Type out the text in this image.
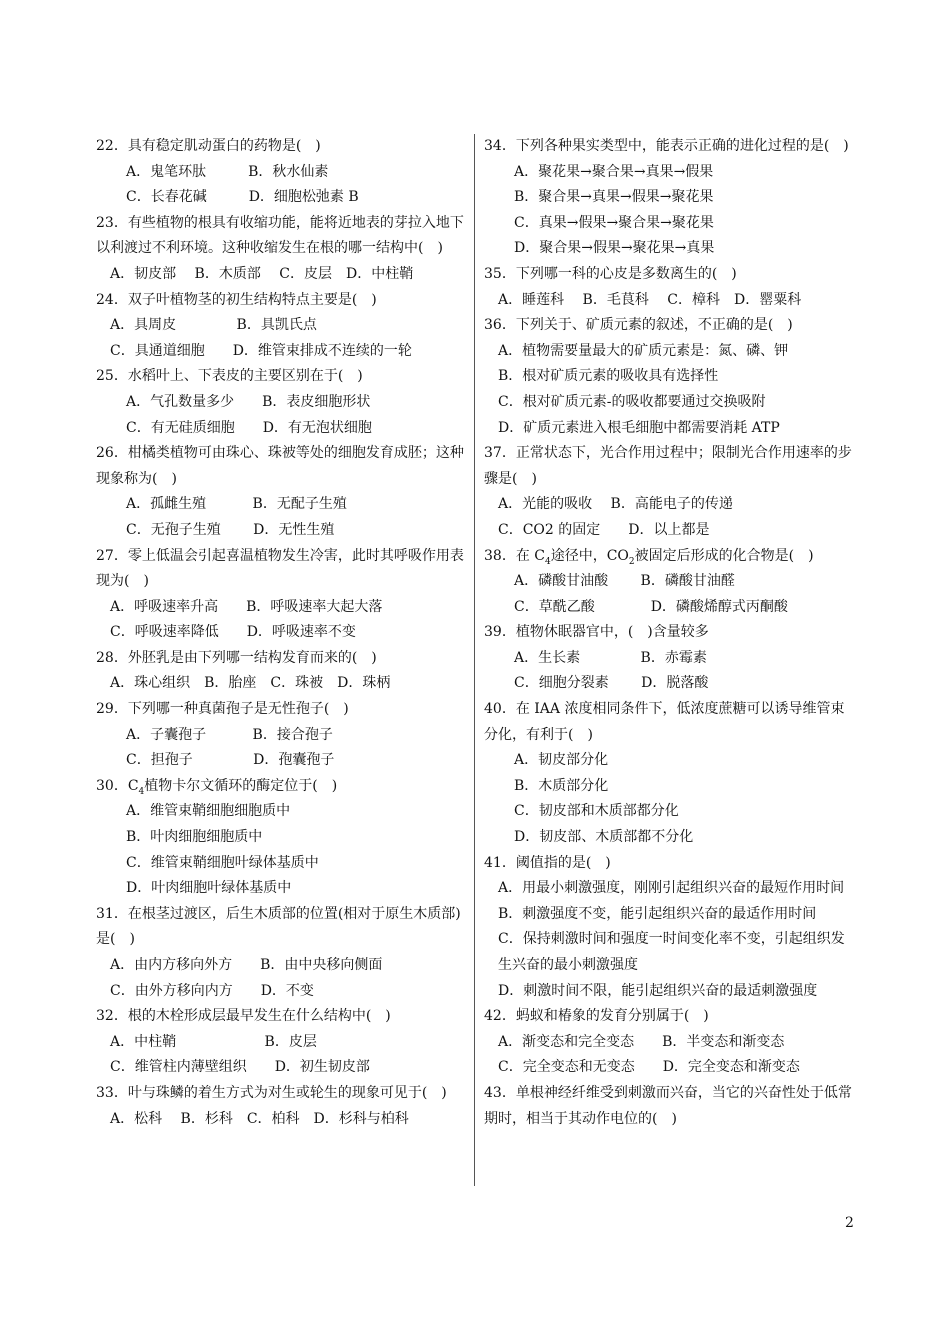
22．具有稳定肌动蛋白的药物是( )
A．鬼笔环肽　　　B．秋水仙素
C．长春花碱　　　D．细胞松弛素 B
23．有些植物的根具有收缩功能，能将近地表的芽拉入地下以利渡过不利环境。这种收缩发生在根的哪一结构中( )
A．韧皮部　 B．木质部　 C．皮层　D．中柱鞘
24．双子叶植物茎的初生结构特点主要是( )
A．具周皮　　　　 B．具凯氏点
C．具通道细胞　　D．维管束排成不连续的一轮
25．水稻叶上、下表皮的主要区别在于( )
A．气孔数量多少　　B．表皮细胞形状
C．有无硅质细胞　　D．有无泡状细胞
26．柑橘类植物可由珠心、珠被等处的细胞发育成胚；这种现象称为( )
A．孤雌生殖　　　 B．无配子生殖
C．无孢子生殖　　 D．无性生殖
27．零上低温会引起喜温植物发生冷害，此时其呼吸作用表现为( )
A．呼吸速率升高　　B．呼吸速率大起大落
C．呼吸速率降低　　D．呼吸速率不变
28．外胚乳是由下列哪一结构发育而来的( )
A．珠心组织　B．胎座　C．珠被　D．珠柄
29．下列哪一种真菌孢子是无性孢子( )
A．子囊孢子　　　 B．接合孢子
C．担孢子　　　　 D．孢囊孢子
30．$C_4$植物卡尔文循环的酶定位于( )
A．维管束鞘细胞细胞质中
B．叶肉细胞细胞质中
C．维管束鞘细胞叶绿体基质中
D．叶肉细胞叶绿体基质中
31．在根茎过渡区，后生木质部的位置(相对于原生木质部)是( )
A．由内方移向外方　　B．由中央移向侧面
C．由外方移向内方　　D．不变
32．根的木栓形成层最早发生在什么结构中( )
A．中柱鞘　　　　　　 B．皮层
C．维管柱内薄壁组织　　D．初生韧皮部
33．叶与珠鳞的着生方式为对生或轮生的现象可见于( )
A．松科　 B．杉科　C．柏科　D．杉科与柏科
34．下列各种果实类型中，能表示正确的进化过程的是( )
A．聚花果→聚合果→真果→假果
B．聚合果→真果→假果→聚花果
C．真果→假果→聚合果→聚花果
D．聚合果→假果→聚花果→真果
35．下列哪一科的心皮是多数离生的( )
A．睡莲科　 B．毛茛科　 C．樟科　D．罂粟科
36．下列关于、矿质元素的叙述，不正确的是( )
A．植物需要量最大的矿质元素是：氮、磷、钾
B．根对矿质元素的吸收具有选择性
C．根对矿质元素-的吸收都要通过交换吸附
D．矿质元素进入根毛细胞中都需要消耗 ATP
37．正常状态下，光合作用过程中；限制光合作用速率的步骤是( )
A．光能的吸收　 B．高能电子的传递
C．CO2 的固定　　D．以上都是
38．在 $C_4$途径中，$CO_2$被固定后形成的化合物是( )
A．磷酸甘油酸　　 B．磷酸甘油醛
C．草酰乙酸　　　　D．磷酸烯醇式丙酮酸
39．植物休眠器官中，( )含量较多
A．生长素　　　　 B．赤霉素
C．细胞分裂素　　 D．脱落酸
40．在 IAA 浓度相同条件下，低浓度蔗糖可以诱导维管束分化，有利于( )
A．韧皮部分化
B．木质部分化
C．韧皮部和木质部都分化
D．韧皮部、木质部都不分化
41．阈值指的是( )
A．用最小刺激强度，刚刚引起组织兴奋的最短作用时间
B．刺激强度不变，能引起组织兴奋的最适作用时间
C．保持刺激时间和强度一时间变化率不变，引起组织发生兴奋的最小刺激强度
D．刺激时间不限，能引起组织兴奋的最适刺激强度
42．蚂蚁和椿象的发育分别属于( )
A．渐变态和完全变态　　B．半变态和渐变态
C．完全变态和无变态　　D．完全变态和渐变态
43．单根神经纤维受到刺激而兴奋，当它的兴奋性处于低常期时，相当于其动作电位的( )
2
